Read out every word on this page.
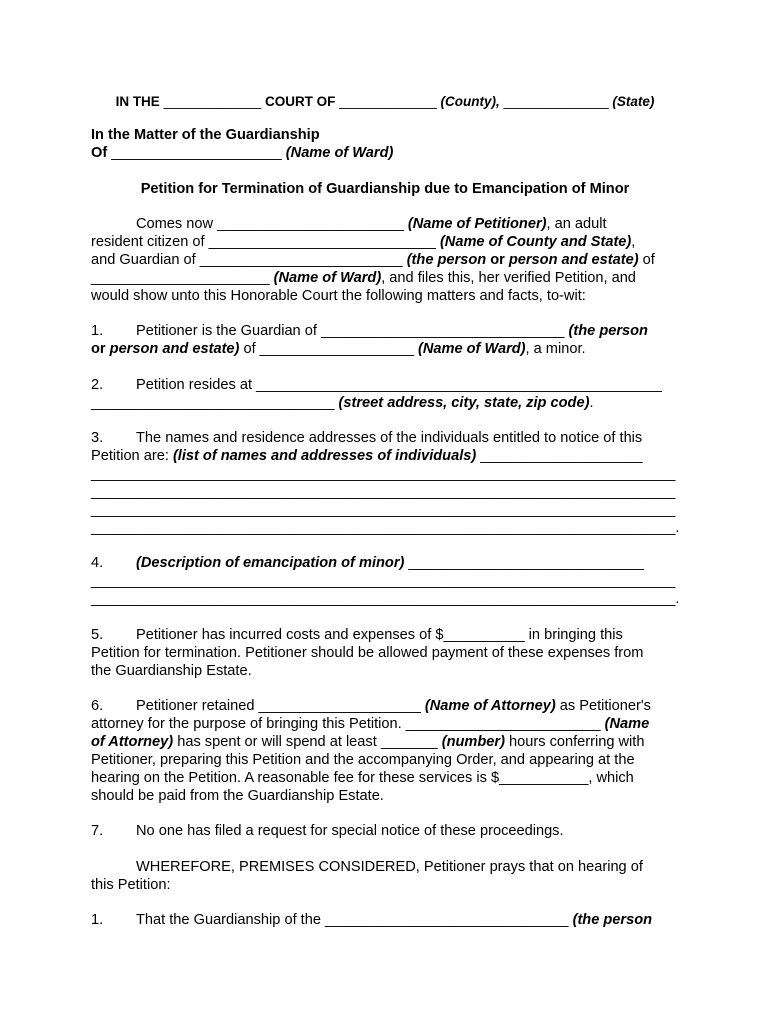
IN THE _____________ COURT OF _____________ (County), ______________ (State)
In the Matter of the Guardianship
Of _____________________ (Name of Ward)
Petition for Termination of Guardianship due to Emancipation of Minor
Comes now _______________________ (Name of Petitioner), an adult
resident citizen of ____________________________ (Name of County and State),
and Guardian of _________________________ (the person or person and estate) of
______________________ (Name of Ward), and files this, her verified Petition, and
would show unto this Honorable Court the following matters and facts, to-wit:
1. Petitioner is the Guardian of ______________________________ (the person
or person and estate) of ___________________ (Name of Ward), a minor.
2. Petition resides at __________________________________________________
______________________________ (street address, city, state, zip code).
3. The names and residence addresses of the individuals entitled to notice of this
Petition are: (list of names and addresses of individuals) ____________________
________________________________________________________________________
________________________________________________________________________
________________________________________________________________________
________________________________________________________________________.
4. (Description of emancipation of minor) _____________________________
________________________________________________________________________
________________________________________________________________________.
5. Petitioner has incurred costs and expenses of $__________ in bringing this
Petition for termination. Petitioner should be allowed payment of these expenses from
the Guardianship Estate.
6. Petitioner retained ____________________ (Name of Attorney) as Petitioner's
attorney for the purpose of bringing this Petition. ________________________ (Name
of Attorney) has spent or will spend at least _______ (number) hours conferring with
Petitioner, preparing this Petition and the accompanying Order, and appearing at the
hearing on the Petition. A reasonable fee for these services is $___________, which
should be paid from the Guardianship Estate.
7. No one has filed a request for special notice of these proceedings.
WHEREFORE, PREMISES CONSIDERED, Petitioner prays that on hearing of
this Petition:
1. That the Guardianship of the ______________________________ (the person
